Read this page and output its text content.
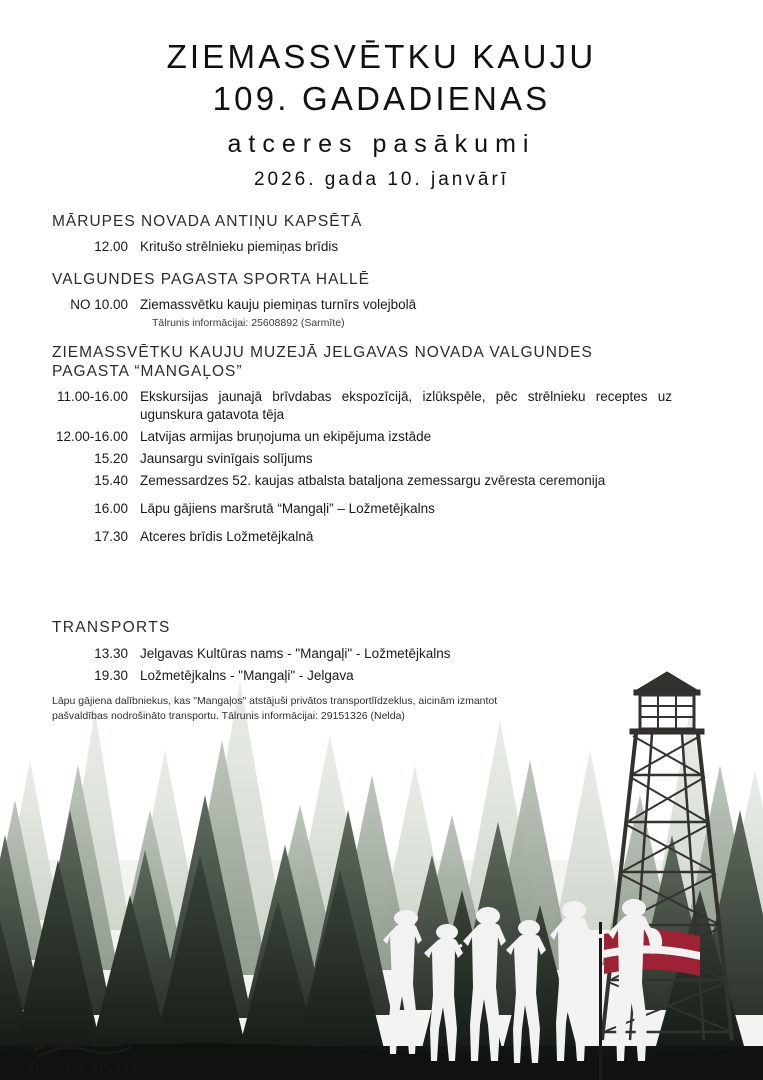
ZIEMASSVĒTKU KAUJU
109. GADADIENAS
atceres pasākumi
2026. gada 10. janvārī
MĀRUPES NOVADA ANTIŅU KAPSĒTĀ
12.00 Kritušo strēlnieku piemiņas brīdis
VALGUNDES PAGASTA SPORTA HALLĒ
NO 10.00 Ziemassvētku kauju piemiņas turnīrs volejbolā
Tālrunis informācijai: 25608892 (Sarmīte)
ZIEMASSVĒTKU KAUJU MUZEJĀ JELGAVAS NOVADA VALGUNDES PAGASTA “MANGAĻOS”
11.00-16.00 Ekskursijas jaunajā brīvdabas ekspozīcijā, izlūkspēle, pēc strēlnieku receptes uz ugunskura gatavota tēja
12.00-16.00 Latvijas armijas bruņojuma un ekipējuma izstāde
15.20 Jaunsargu svinīgais solījums
15.40 Zemessardzes 52. kaujas atbalsta bataljona zemessargu zvēresta ceremonija
16.00 Lāpu gājiens maršrutā “Mangaļi” – Ložmetējkalns
17.30 Atceres brīdis Ložmetējkalnā
TRANSPORTS
13.30 Jelgavas Kultūras nams - "Mangaļi" - Ložmetējkalns
19.30 Ložmetējkalns - "Mangaļi" - Jelgava
Lāpu gājiena dalībniekus, kas "Mangaļos" atstājuši privātos transportlīdzeklus, aicinām izmantot pašvaldības nodrošināto transportu. Tālrunis informācijai: 29151326 (Nelda)
JELGAVAS NOVADS
